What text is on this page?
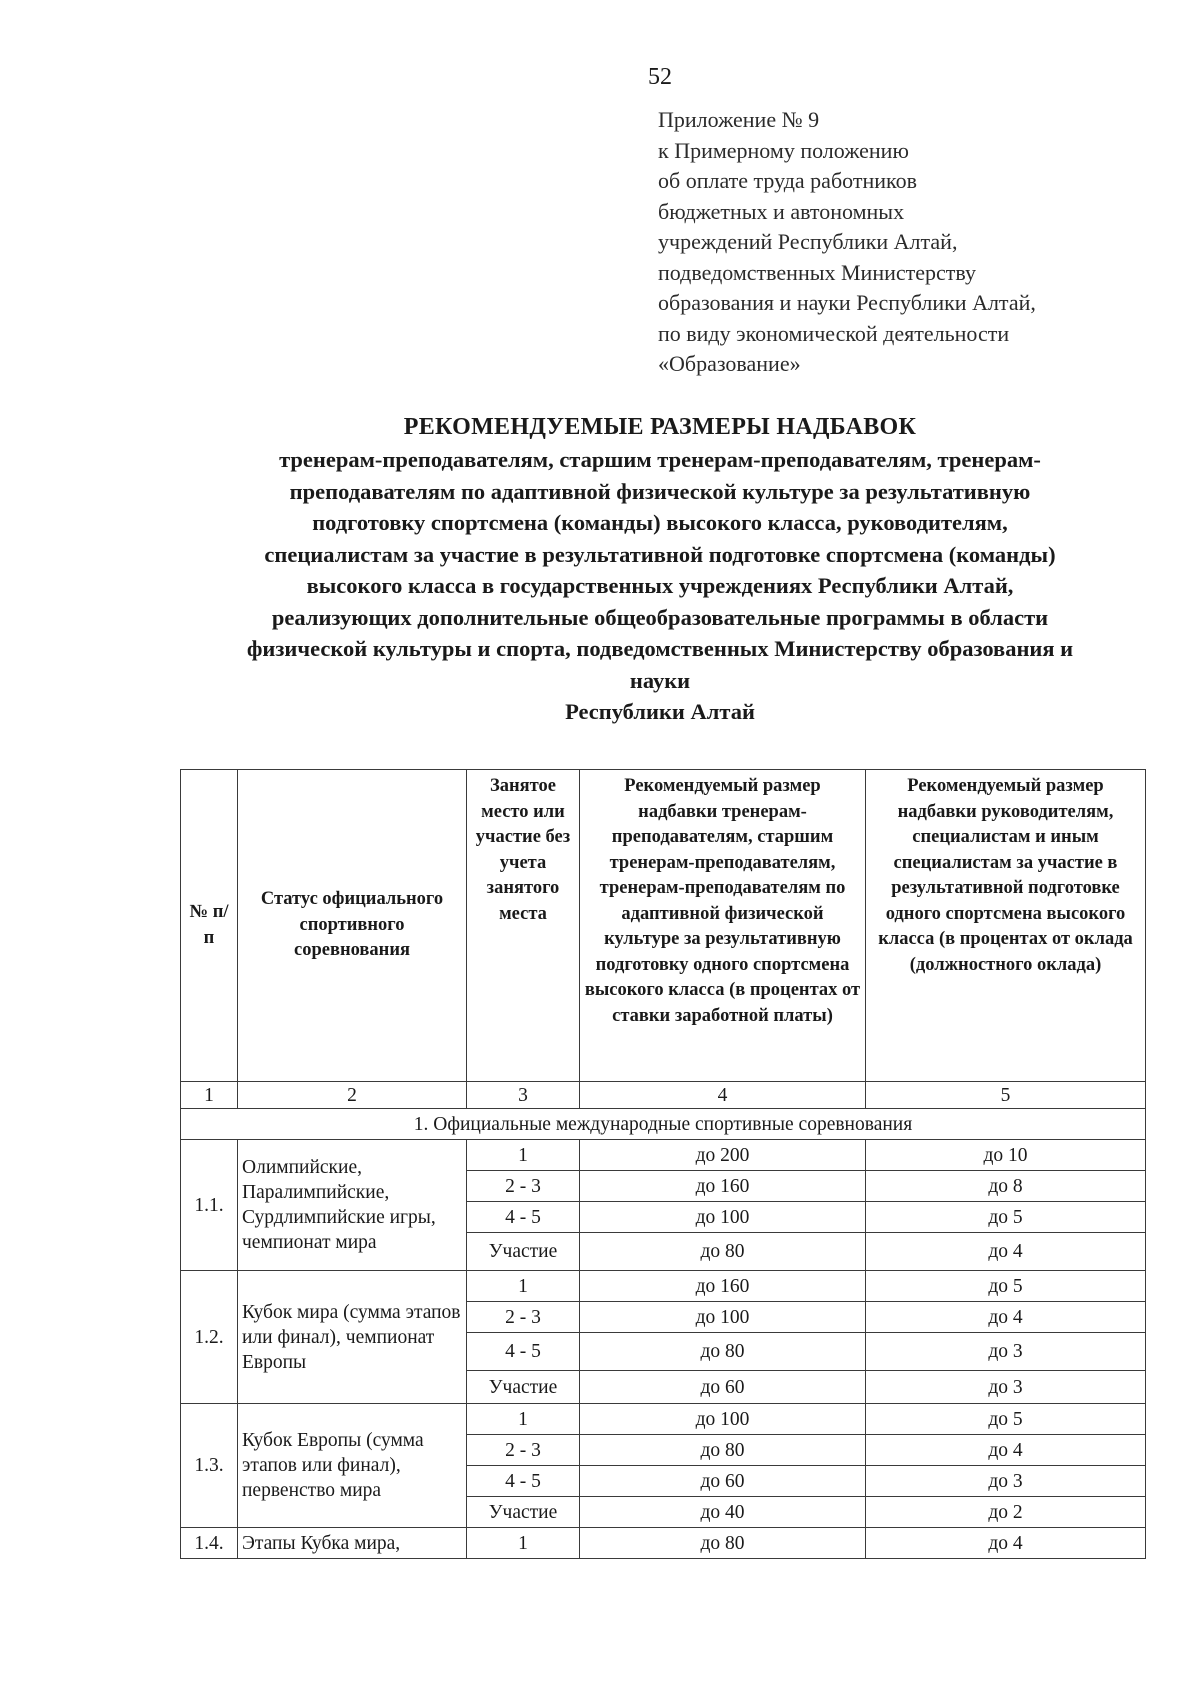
52
Приложение № 9
к Примерному положению
об оплате труда работников
бюджетных и автономных
учреждений Республики Алтай,
подведомственных Министерству
образования и науки Республики Алтай,
по виду экономической деятельности
«Образование»
РЕКОМЕНДУЕМЫЕ РАЗМЕРЫ НАДБАВОК
тренерам-преподавателям, старшим тренерам-преподавателям, тренерам-
преподавателям по адаптивной физической культуре за результативную
подготовку спортсмена (команды) высокого класса, руководителям,
специалистам за участие в результативной подготовке спортсмена (команды)
высокого класса в государственных учреждениях Республики Алтай,
реализующих дополнительные общеобразовательные программы в области
физической культуры и спорта, подведомственных Министерству образования и
науки
Республики Алтай
№ п/п	Статус официального спортивного соревнования	Занятое место или участие без учета занятого места	Рекомендуемый размер надбавки тренерам-преподавателям, старшим тренерам-преподавателям, тренерам-преподавателям по адаптивной физической культуре за результативную подготовку одного спортсмена высокого класса (в процентах от ставки заработной платы)	Рекомендуемый размер надбавки руководителям, специалистам и иным специалистам за участие в результативной подготовке одного спортсмена высокого класса (в процентах от оклада (должностного оклада)
1	2	3	4	5
1. Официальные международные спортивные соревнования				
1.1.	Олимпийские, Паралимпийские, Сурдлимпийские игры, чемпионат мира	1	до 200	до 10
		2 - 3	до 160	до 8
		4 - 5	до 100	до 5
		Участие	до 80	до 4
1.2.	Кубок мира (сумма этапов или финал), чемпионат Европы	1	до 160	до 5
		2 - 3	до 100	до 4
		4 - 5	до 80	до 3
		Участие	до 60	до 3
1.3.	Кубок Европы (сумма этапов или финал), первенство мира	1	до 100	до 5
		2 - 3	до 80	до 4
		4 - 5	до 60	до 3
		Участие	до 40	до 2
1.4.	Этапы Кубка мира,	1	до 80	до 4
